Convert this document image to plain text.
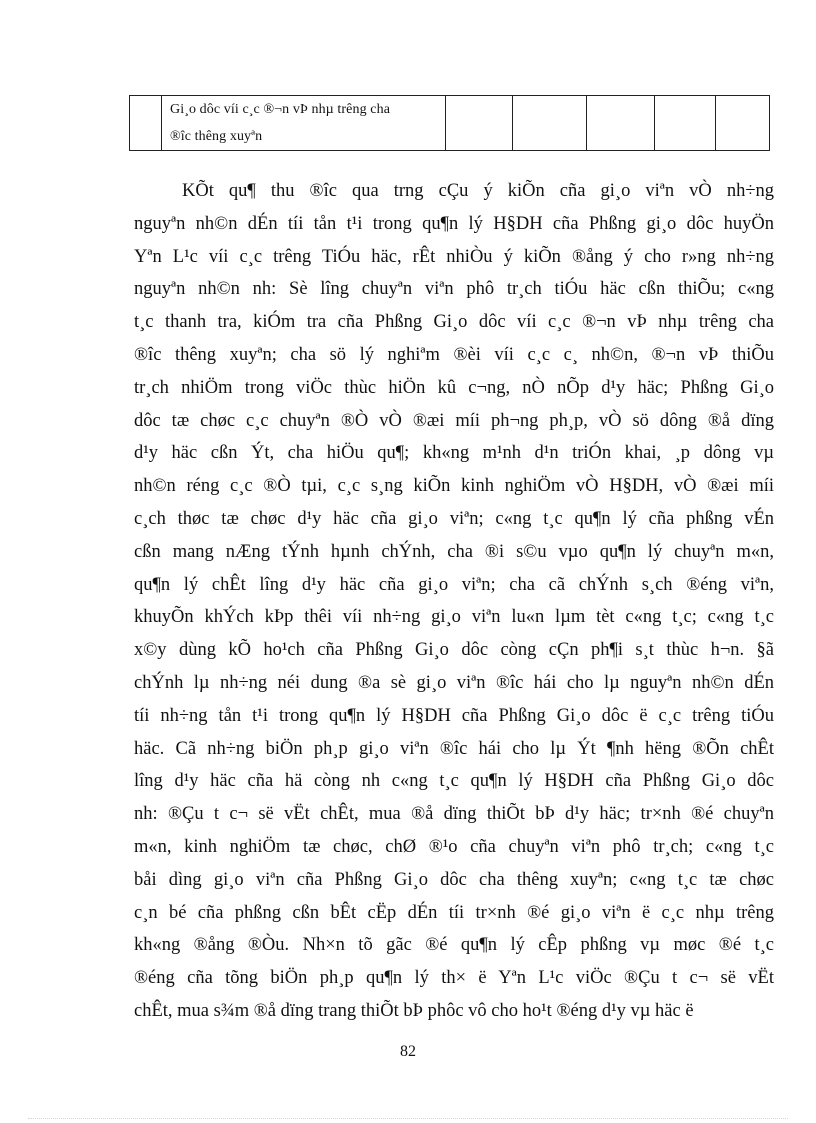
Gi¸o dôc víi c¸c ®¬n vÞ nhµ trêng cha
®îc thêng xuyªn

KÕt qu¶ thu ®îc qua trng cÇu ý kiÕn cña gi¸o viªn vÒ nh÷ng
nguyªn nh©n dÉn tíi tån t¹i trong qu¶n lý H§DH cña Phßng gi¸o dôc huyÖn
Yªn L¹c víi c¸c trêng TiÓu häc, rÊt nhiÒu ý kiÕn ®ång ý cho r»ng nh÷ng
nguyªn nh©n nh: Sè lîng chuyªn viªn phô tr¸ch tiÓu häc cßn thiÕu; c«ng
t¸c thanh tra, kiÓm tra cña Phßng Gi¸o dôc víi c¸c ®¬n vÞ nhµ trêng cha
®îc thêng xuyªn; cha sö lý nghiªm ®èi víi c¸c c¸ nh©n, ®¬n vÞ thiÕu
tr¸ch nhiÖm trong viÖc thùc hiÖn kû c¬ng, nÒ nÕp d¹y häc; Phßng Gi¸o
dôc tæ chøc c¸c chuyªn ®Ò vÒ ®æi míi ph¬ng ph¸p, vÒ sö dông ®å dïng
d¹y häc cßn Ýt, cha hiÖu qu¶; kh«ng m¹nh d¹n triÓn khai, ¸p dông vµ
nh©n réng c¸c ®Ò tµi, c¸c s¸ng kiÕn kinh nghiÖm vÒ H§DH, vÒ ®æi míi
c¸ch thøc tæ chøc d¹y häc cña gi¸o viªn; c«ng t¸c qu¶n lý cña phßng vÉn
cßn mang nÆng tÝnh hµnh chÝnh, cha ®i s©u vµo qu¶n lý chuyªn m«n,
qu¶n lý chÊt lîng d¹y häc cña gi¸o viªn; cha cã chÝnh s¸ch ®éng viªn,
khuyÕn khÝch kÞp thêi víi nh÷ng gi¸o viªn lu«n lµm tèt c«ng t¸c; c«ng t¸c
x©y dùng kÕ ho¹ch cña Phßng Gi¸o dôc còng cÇn ph¶i s¸t thùc h¬n. §ã
chÝnh lµ nh÷ng néi dung ®a sè gi¸o viªn ®îc hái cho lµ nguyªn nh©n dÉn
tíi nh÷ng tån t¹i trong qu¶n lý H§DH cña Phßng Gi¸o dôc ë c¸c trêng tiÓu
häc. Cã nh÷ng biÖn ph¸p gi¸o viªn ®îc hái cho lµ Ýt ¶nh hëng ®Õn chÊt
lîng d¹y häc cña hä còng nh c«ng t¸c qu¶n lý H§DH cña Phßng Gi¸o dôc
nh: ®Çu t c¬ së vËt chÊt, mua ®å dïng thiÕt bÞ d¹y häc; tr×nh ®é chuyªn
m«n, kinh nghiÖm tæ chøc, chØ ®¹o cña chuyªn viªn phô tr¸ch; c«ng t¸c
båi dìng gi¸o viªn cña Phßng Gi¸o dôc cha thêng xuyªn; c«ng t¸c tæ chøc
c¸n bé cña phßng cßn bÊt cËp dÉn tíi tr×nh ®é gi¸o viªn ë c¸c nhµ trêng
kh«ng ®ång ®Òu. Nh×n tõ gãc ®é qu¶n lý cÊp phßng vµ møc ®é t¸c
®éng cña tõng biÖn ph¸p qu¶n lý th× ë Yªn L¹c viÖc ®Çu t c¬ së vËt
chÊt, mua s¾m ®å dïng trang thiÕt bÞ phôc vô cho ho¹t ®éng d¹y vµ häc ë
82
